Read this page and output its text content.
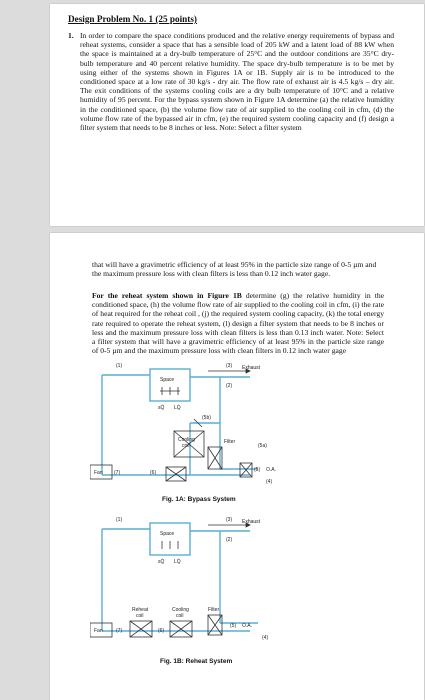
Design Problem No. 1 (25 points)
1. In order to compare the space conditions produced and the relative energy requirements of bypass and reheat systems, consider a space that has a sensible load of 205 kW and a latent load of 88 kW when the space is maintained at a dry-bulb temperature of 25°C and the outdoor conditions are 35°C dry-bulb temperature and 40 percent relative humidity. The space dry-bulb temperature is to be met by using either of the systems shown in Figures 1A or 1B. Supply air is to be introduced to the conditioned space at a low rate of 30 kg/s - dry air. The flow rate of exhaust air is 4.5 kg/s – dry air. The exit conditions of the systems cooling coils are a dry bulb temperature of 10°C and a relative humidity of 95 percent. For the bypass system shown in Figure 1A determine (a) the relative humidity in the conditioned space, (b) the volume flow rate of air supplied to the cooling coil in cfm, (d) the volume flow rate of the bypassed air in cfm, (e) the required system cooling capacity and (f) design a filter system that needs to be 8 inches or less. Note: Select a filter system
that will have a gravimetric efficiency of at least 95% in the particle size range of 0-5 µm and the maximum pressure loss with clean filters is less than 0.12 inch water gage.
For the reheat system shown in Figure 1B determine (g) the relative humidity in the conditioned space, (h) the volume flow rate of air supplied to the cooling coil in cfm, (i) the rate of heat required for the reheat coil , (j) the required system cooling capacity, (k) the total energy rate required to operate the reheat system, (l) design a filter system that needs to be 8 inches or less and the maximum pressure loss with clean filters is less than 0.13 inch water. Note: Select a filter system that will have a gravimetric efficiency of at least 95% in the particle size range of 0-5 µm and the maximum pressure loss with clean filters in 0.12 inch water gage
(1)	(3) Exhaust
Space
(2)
sQ̇ LQ̇
(5b)
Cooling
coil
Filter
(5a)
Fan (7)	(6)	(5) O.A.
(4)
Fig. 1A: Bypass System
(1)	(3) Exhaust
Space
(2)
sQ̇ LQ̇
Reheat
coil
Cooling
coil
Filter
Fan	(7)	(6)
(5) O.A.
(4)
Fig. 1B: Reheat System
